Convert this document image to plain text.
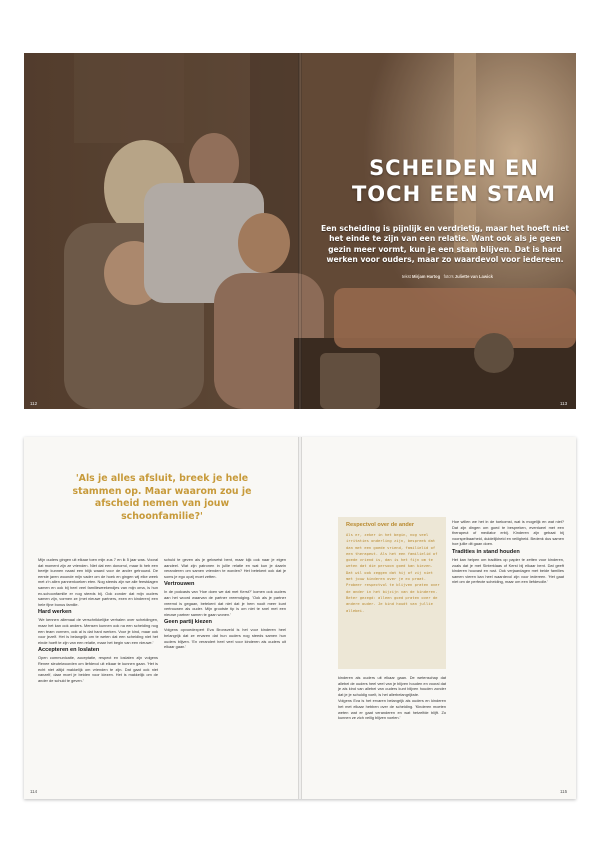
SCHEIDEN EN
TOCH EEN STAM
Een scheiding is pijnlijk en verdrietig, maar het hoeft niet het einde te zijn van een relatie. Want ook als je geen gezin meer vormt, kun je een stam blijven. Dat is hard werken voor ouders, maar zo waardevol voor iedereen.
tekst Mirjam Hartog foto's Juliette van Lawick
112	113
'Als je alles afsluit, breek je hele stammen op. Maar waarom zou je afscheid nemen van jouw schoonfamilie?'

Mijn ouders gingen uit elkaar toen mijn zus 7 en ik 5 jaar was. Vooral dat moment zijn ze vrienden. Niet dat een donorrol, maar ik heb een beetje kunnen naast een blijk waard voor de ander getrouwd. De eerste jaren woonde mijn vader om de hoek en gingen wij elke week met z'n allen pannenkoeken eten. Nog steeds zijn we alle feestdagen samen en ook bij heel veel familieweekendjes van mijn oma, is hun ex-schoonfamilie er nog steeds bij. Ook zonder dat mijn ouders samen zijn, vormen ze (met nieuwe partners, exen en kinderen) een hele fijne bonus familie.

Hard werken

'We kennen allemaal de verschrikkelijke verhalen over scheidingen, maar het kan ook anders. Mensen kunnen ook na een scheiding nog een team vormen, ook al is dat hard werken. Voor je kind, maar ook voor jezelf. Het is belangrijk om te weten dat een scheiding niet het einde hoeft te zijn van een relatie, maar het begin van een nieuwe.'

Accepteren en loslaten

Open communicatie, acceptatie, respect en loslaten zijn volgens Renee sleutelwoorden om liefdevol uit elkaar te kunnen gaan. 'Het is echt niet altijd makkelijk om vrienden te zijn. Dat gaat ook niet vanzelf, daar moet je beiden voor kiezen. Het is makkelijk om de ander de schuld te geven.'

schuld te geven als je gekwetst bent, maar kijk ook naar je eigen aandeel. Wat zijn patronen in jullie relatie en wat kun je daarin veranderen om samen vrienden te worden? Het betekent ook dat je soms je ego opzij moet zetten.

Vertrouwen

In de podcasts van 'Hoe doen we dat met Kerst?' komen ook ouders aan het woord waarvan de partner vreemdging. 'Ook als je partner vreemd is gegaan, betekent dat niet dat je hem nooit meer kunt vertrouwen als ouder. Mijn grootste tip is om niet te snel met een nieuwe partner samen te gaan wonen.'

Geen partij kiezen

Volgens opvoedexpert Eva Bronsveld is het voor kinderen heel belangrijk dat ze ervaren dat hun ouders nog steeds samen hun ouders blijven. 'En verandert heel veel voor kinderen als ouders uit elkaar gaan.'

114
Respectvol over de ander
Als er, zeker in het begin, nog veel irritaties onderling zijn, bespreek dat dan met een goede vriend, familielid of een therapeut. Als het een familielid of goede vriend is, dan is het fijn om te weten dat die persoon goed kan kiezen. Dat wil ook zeggen dat hij of zij niet met jouw kinderen over je ex praat. Probeer respectvol te blijven praten over de ander in het bijzijn van de kinderen. Beter gezegd: alleen goed praten over de andere ouder. Je kind houdt van jullie allebei.

kinderen als ouders uit elkaar gaan. De wetenschap dat allebei de ouders heel veel van je blijven houden en vooral dat je als kind van allebei van ouders kunt blijven houden zonder dat je je schuldig voelt, is het allerbelangrijkste.

Volgens Eva is het ervaren belangrijk als ouders en kinderen het met elkaar hebben over de scheiding. 'Kinderen moeten weten wat er gaat veranderen en wat hetzelfde blijft. Zo kunnen ze zich veilig blijven voelen.'

Hoe willen we het in de toekomst, wat is mogelijk en wat niet? Dat zijn dingen om goed te bespreken, eventueel met een therapeut of mediator erbij. Kinderen zijn gebaat bij voorspelbaarheid, duidelijkheid en veiligheid. Bedenk dus samen hoe jullie dit gaan doen.

Tradities in stand houden

Het kan helpen om tradities op papier te zetten voor kinderen, zoals dat je met Sinterklaas of Kerst bij elkaar bent. Dat geeft kinderen houvast en rust. Ook verjaardagen met beide families samen vieren kan heel waardevol zijn voor iedereen. 'Het gaat niet om de perfecte scheiding, maar om een liefdevolle.'

115
